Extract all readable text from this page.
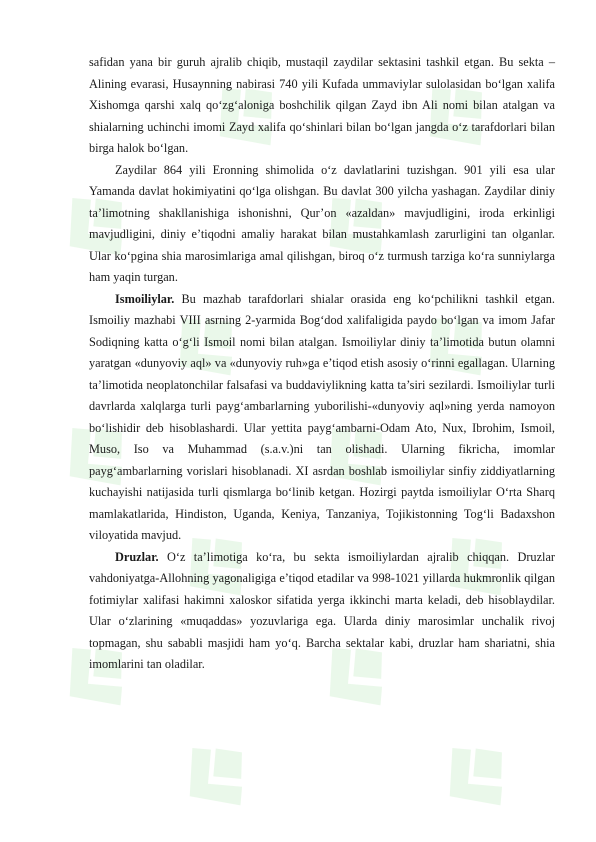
safidan yana bir guruh ajralib chiqib, mustaqil zaydilar sektasini tashkil etgan. Bu sekta – Alining evarasi, Husaynning nabirasi 740 yili Kufada ummaviylar sulolasidan bo‘lgan xalifa Xishomga qarshi xalq qo‘zg‘aloniga boshchilik qilgan Zayd ibn Ali nomi bilan atalgan va shialarning uchinchi imomi Zayd xalifa qo‘shinlari bilan bo‘lgan jangda o‘z tarafdorlari bilan birga halok bo‘lgan.

Zaydilar 864 yili Eronning shimolida o‘z davlatlarini tuzishgan. 901 yili esa ular Yamanda davlat hokimiyatini qo‘lga olishgan. Bu davlat 300 yilcha yashagan. Zaydilar diniy ta’limotning shakllanishiga ishonishni, Qur’on «azaldan» mavjudligini, iroda erkinligi mavjudligini, diniy e’tiqodni amaliy harakat bilan mustahkamlash zarurligini tan olganlar. Ular ko‘pgina shia marosimlariga amal qilishgan, biroq o‘z turmush tarziga ko‘ra sunniylarga ham yaqin turgan.

Ismoiliylar. Bu mazhab tarafdorlari shialar orasida eng ko‘pchilikni tashkil etgan. Ismoiliy mazhabi VIII asrning 2-yarmida Bog‘dod xalifaligida paydo bo‘lgan va imom Jafar Sodiqning katta o‘g‘li Ismoil nomi bilan atalgan. Ismoiliylar diniy ta’limotida butun olamni yaratgan «dunyoviy aql» va «dunyoviy ruh»ga e’tiqod etish asosiy o‘rinni egallagan. Ularning ta’limotida neoplatonchilar falsafasi va buddaviylikning katta ta’siri sezilardi. Ismoiliylar turli davrlarda xalqlarga turli payg‘ambarlarning yuborilishi-«dunyoviy aql»ning yerda namoyon bo‘lishidir deb hisoblashardi. Ular yettita payg‘ambarni-Odam Ato, Nux, Ibrohim, Ismoil, Muso, Iso va Muhammad (s.a.v.)ni tan olishadi. Ularning fikricha, imomlar payg‘ambarlarning vorislari hisoblanadi. XI asrdan boshlab ismoiliylar sinfiy ziddiyatlarning kuchayishi natijasida turli qismlarga bo‘linib ketgan. Hozirgi paytda ismoiliylar O‘rta Sharq mamlakatlarida, Hindiston, Uganda, Keniya, Tanzaniya, Tojikistonning Tog‘li Badaxshon viloyatida mavjud.

Druzlar. O‘z ta’limotiga ko‘ra, bu sekta ismoiliylardan ajralib chiqqan. Druzlar vahdoniyatga-Allohning yagonaligiga e’tiqod etadilar va 998-1021 yillarda hukmronlik qilgan fotimiylar xalifasi hakimni xaloskor sifatida yerga ikkinchi marta keladi, deb hisoblaydilar. Ular o‘zlarining «muqaddas» yozuvlariga ega. Ularda diniy marosimlar unchalik rivoj topmagan, shu sababli masjidi ham yo‘q. Barcha sektalar kabi, druzlar ham shariatni, shia imomlarini tan oladilar.
